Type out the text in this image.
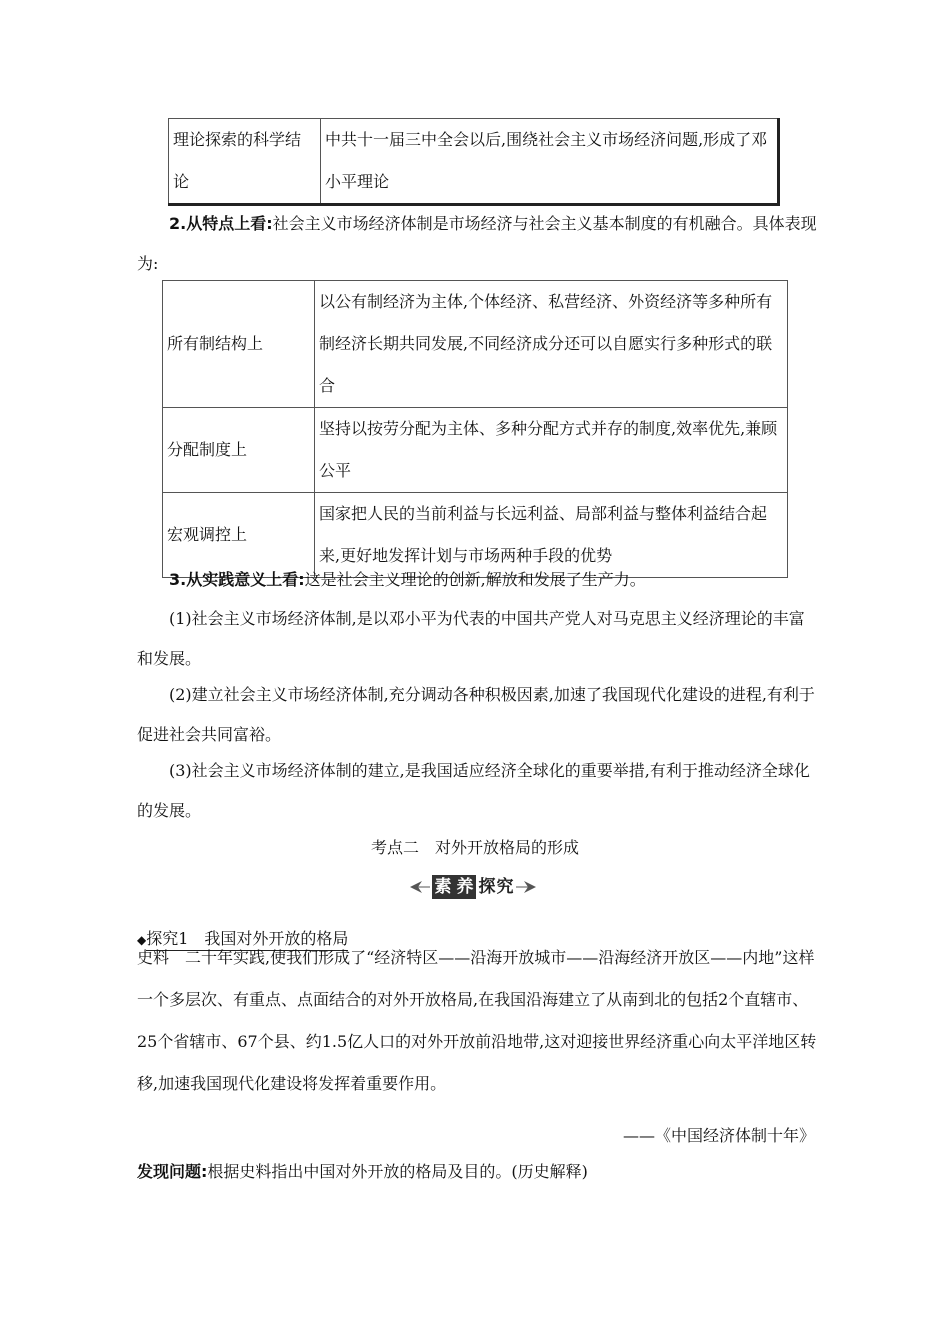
理论探索的科学结论	中共十一届三中全会以后,围绕社会主义市场经济问题,形成了邓小平理论
2.从特点上看:社会主义市场经济体制是市场经济与社会主义基本制度的有机融合。具体表现为:
所有制结构上	以公有制经济为主体,个体经济、私营经济、外资经济等多种所有制经济长期共同发展,不同经济成分还可以自愿实行多种形式的联合
分配制度上	坚持以按劳分配为主体、多种分配方式并存的制度,效率优先,兼顾公平
宏观调控上	国家把人民的当前利益与长远利益、局部利益与整体利益结合起来,更好地发挥计划与市场两种手段的优势
3.从实践意义上看:这是社会主义理论的创新,解放和发展了生产力。
(1)社会主义市场经济体制,是以邓小平为代表的中国共产党人对马克思主义经济理论的丰富和发展。
(2)建立社会主义市场经济体制,充分调动各种积极因素,加速了我国现代化建设的进程,有利于促进社会共同富裕。
(3)社会主义市场经济体制的建立,是我国适应经济全球化的重要举措,有利于推动经济全球化的发展。
考点二　对外开放格局的形成
素 养 探 究
◆探究1　我国对外开放的格局
史料　二十年实践,使我们形成了“经济特区——沿海开放城市——沿海经济开放区——内地”这样一个多层次、有重点、点面结合的对外开放格局,在我国沿海建立了从南到北的包括2个直辖市、25个省辖市、67个县、约1.5亿人口的对外开放前沿地带,这对迎接世界经济重心向太平洋地区转移,加速我国现代化建设将发挥着重要作用。
——《中国经济体制十年》
发现问题:根据史料指出中国对外开放的格局及目的。(历史解释)
